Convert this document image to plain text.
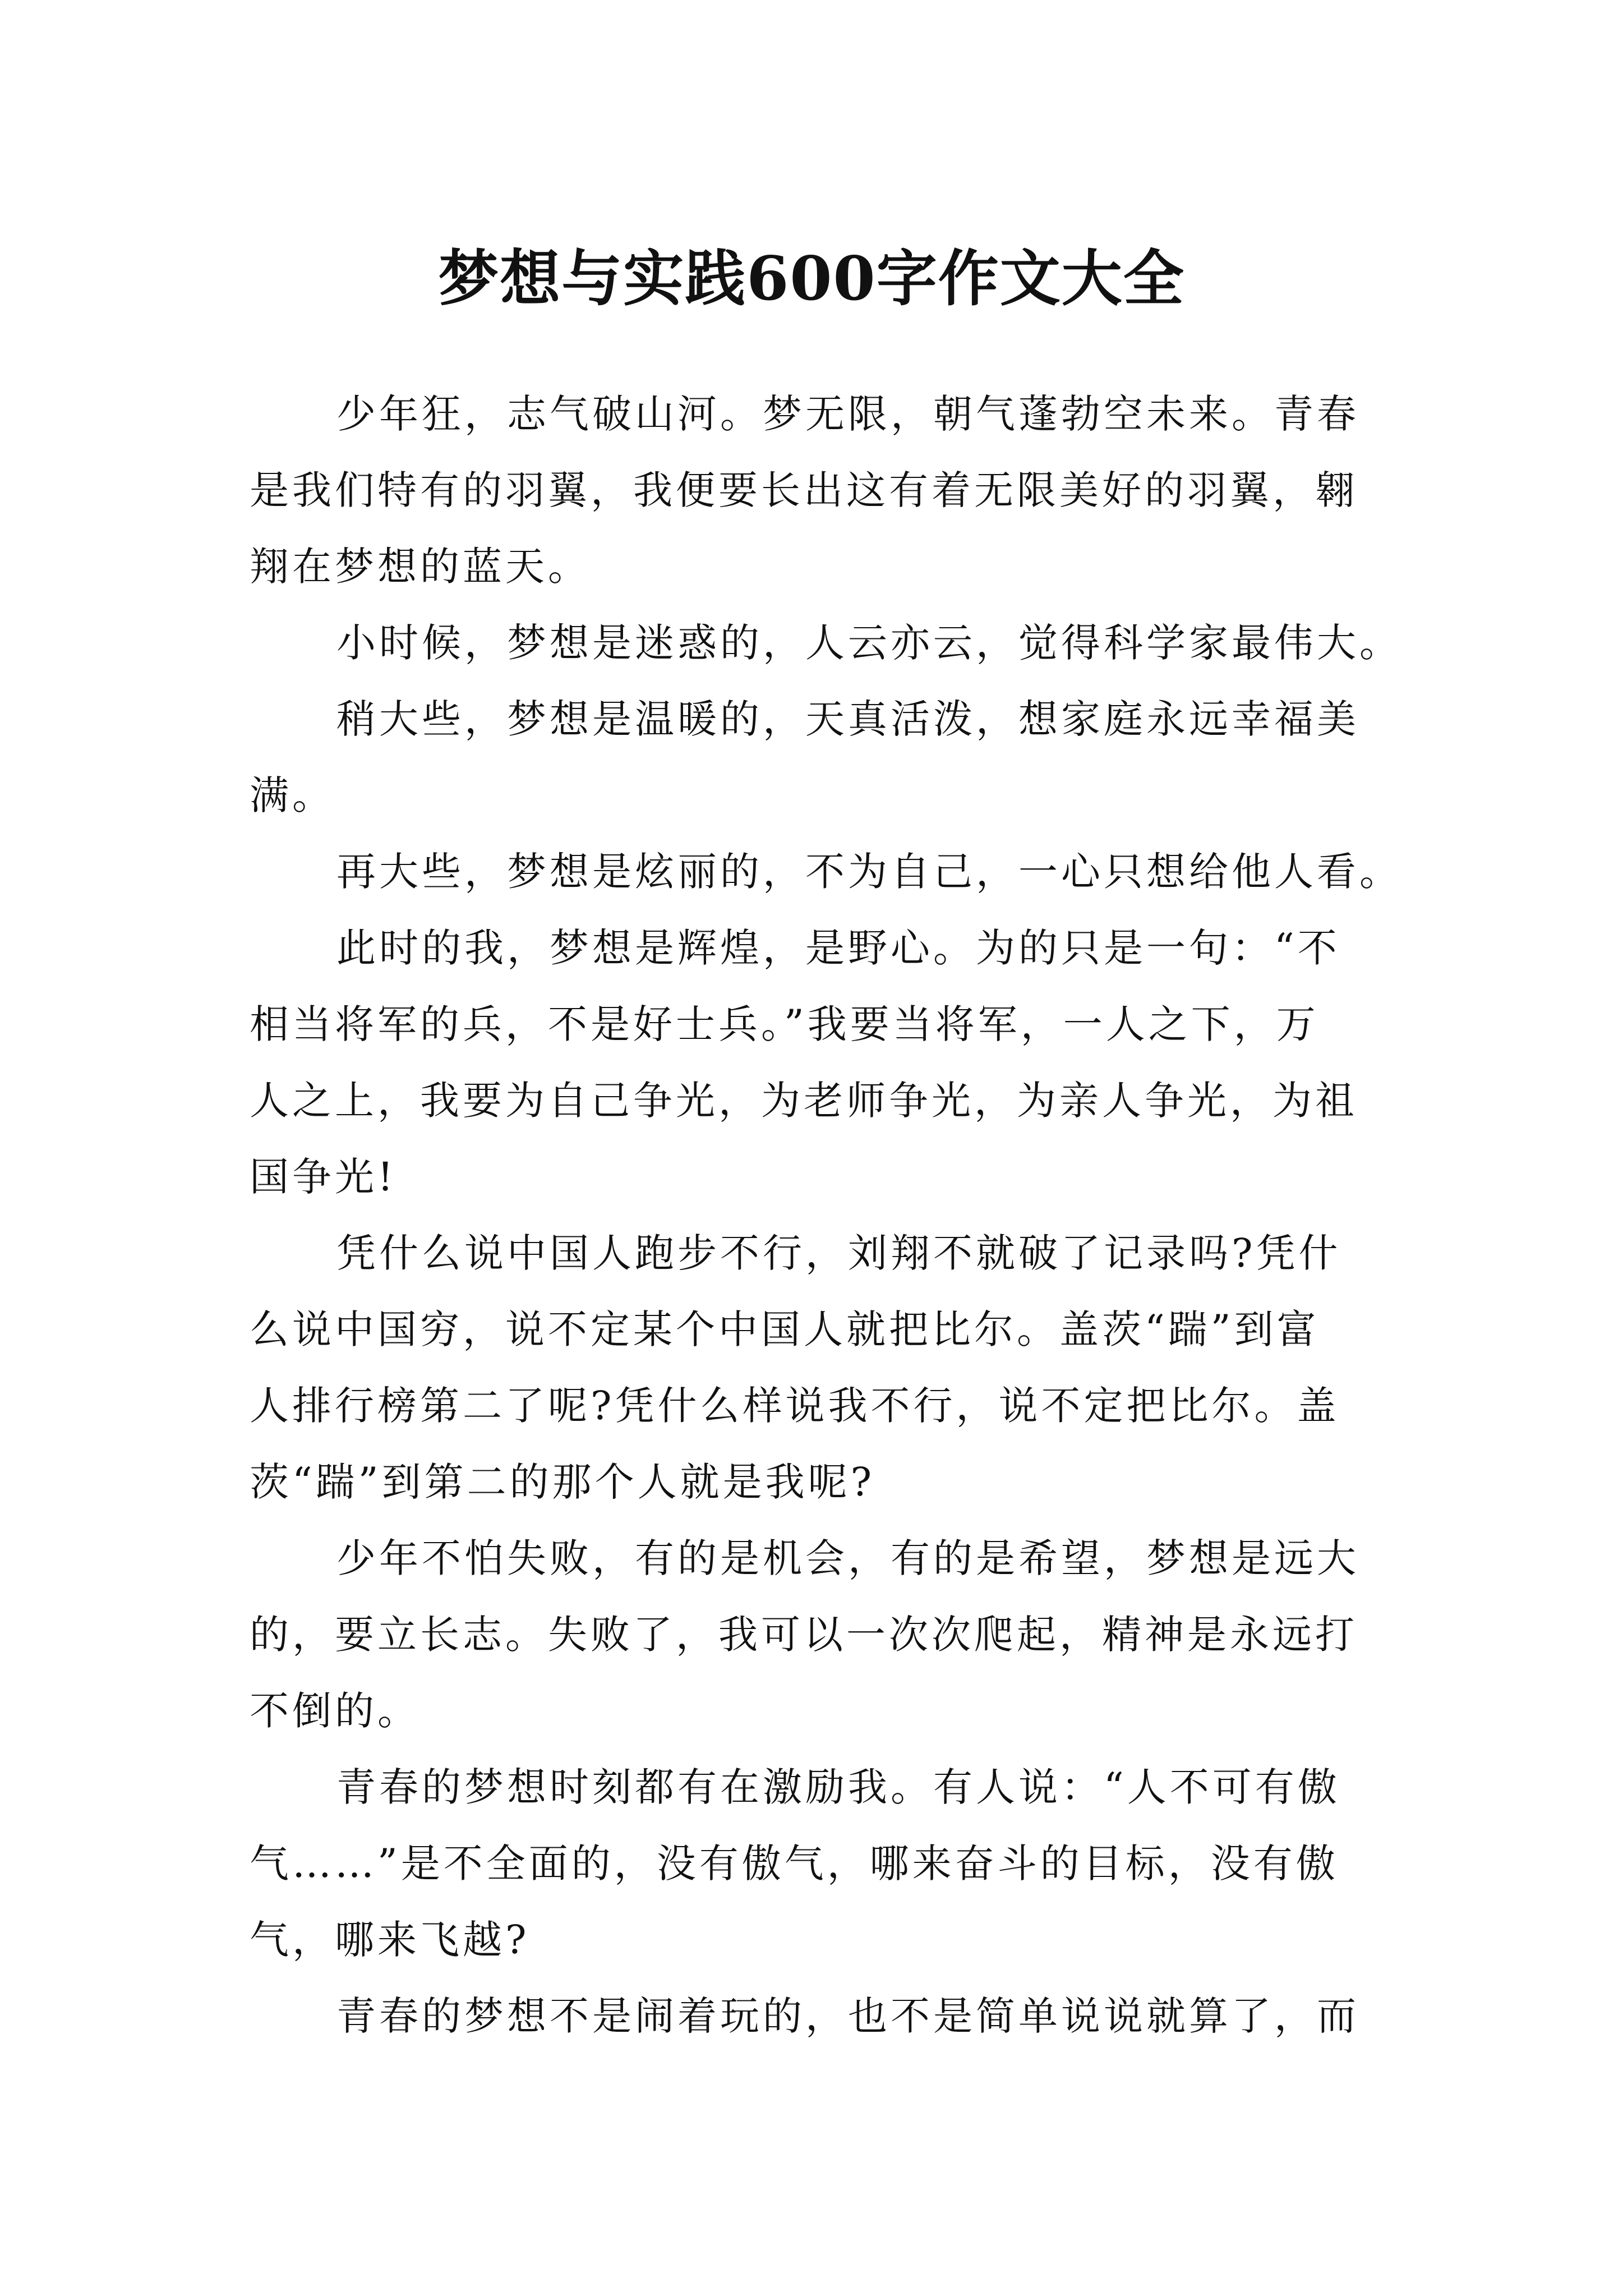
梦想与实践600字作文大全
少年狂，志气破山河。梦无限，朝气蓬勃空未来。青春
是我们特有的羽翼，我便要长出这有着无限美好的羽翼，翱
翔在梦想的蓝天。
小时候，梦想是迷惑的，人云亦云，觉得科学家最伟大。
稍大些，梦想是温暖的，天真活泼，想家庭永远幸福美
满。
再大些，梦想是炫丽的，不为自己，一心只想给他人看。
此时的我，梦想是辉煌，是野心。为的只是一句：“不
相当将军的兵，不是好士兵。”我要当将军，一人之下，万
人之上，我要为自己争光，为老师争光，为亲人争光，为祖
国争光!
凭什么说中国人跑步不行，刘翔不就破了记录吗?凭什
么说中国穷，说不定某个中国人就把比尔。盖茨“踹”到富
人排行榜第二了呢?凭什么样说我不行，说不定把比尔。盖
茨“踹”到第二的那个人就是我呢?
少年不怕失败，有的是机会，有的是希望，梦想是远大
的，要立长志。失败了，我可以一次次爬起，精神是永远打
不倒的。
青春的梦想时刻都有在激励我。有人说：“人不可有傲
气……”是不全面的，没有傲气，哪来奋斗的目标，没有傲
气，哪来飞越?
青春的梦想不是闹着玩的，也不是简单说说就算了，而
